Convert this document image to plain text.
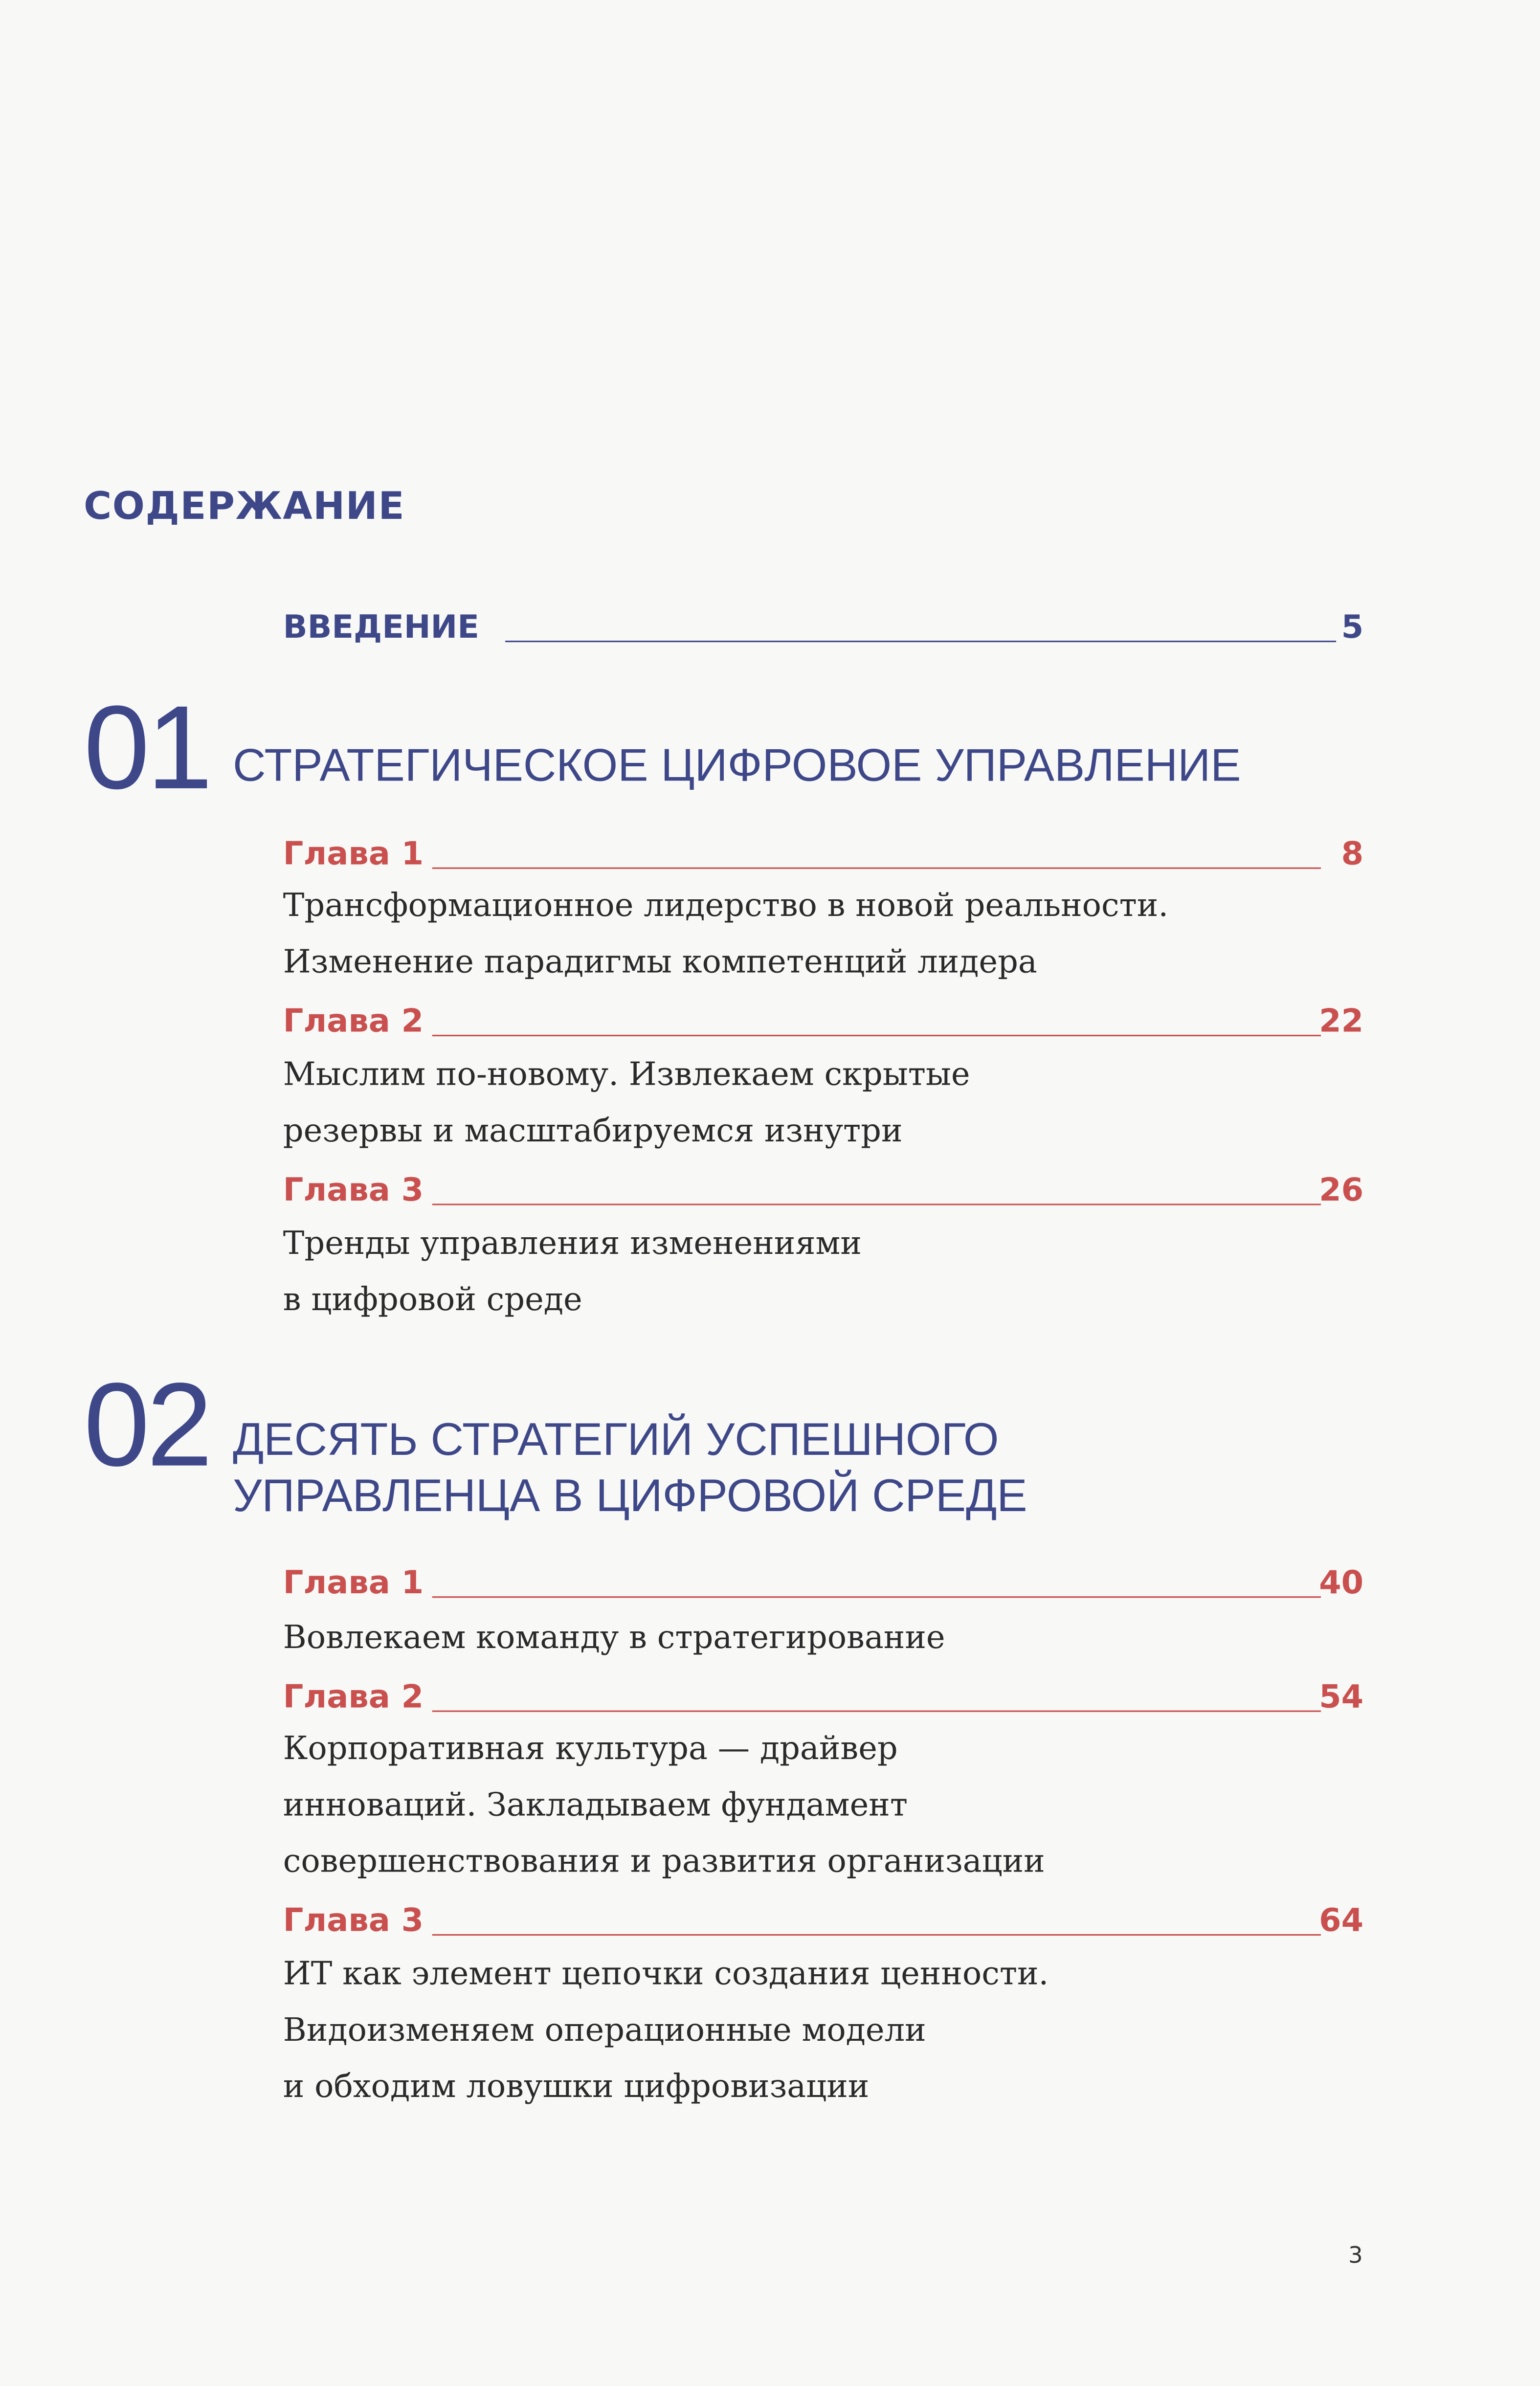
СОДЕРЖАНИЕ
ВВЕДЕНИЕ	5
01 СТРАТЕГИЧЕСКОЕ ЦИФРОВОЕ УПРАВЛЕНИЕ
Глава 1	8
Трансформационное лидерство в новой реальности.
Изменение парадигмы компетенций лидера
Глава 2	22
Мыслим по-новому. Извлекаем скрытые
резервы и масштабируемся изнутри
Глава 3	26
Тренды управления изменениями
в цифровой среде
02 ДЕСЯТЬ СТРАТЕГИЙ УСПЕШНОГО
УПРАВЛЕНЦА В ЦИФРОВОЙ СРЕДЕ
Глава 1	40
Вовлекаем команду в стратегирование
Глава 2	54
Корпоративная культура — драйвер
инноваций. Закладываем фундамент
совершенствования и развития организации
Глава 3	64
ИТ как элемент цепочки создания ценности.
Видоизменяем операционные модели
и обходим ловушки цифровизации
3
